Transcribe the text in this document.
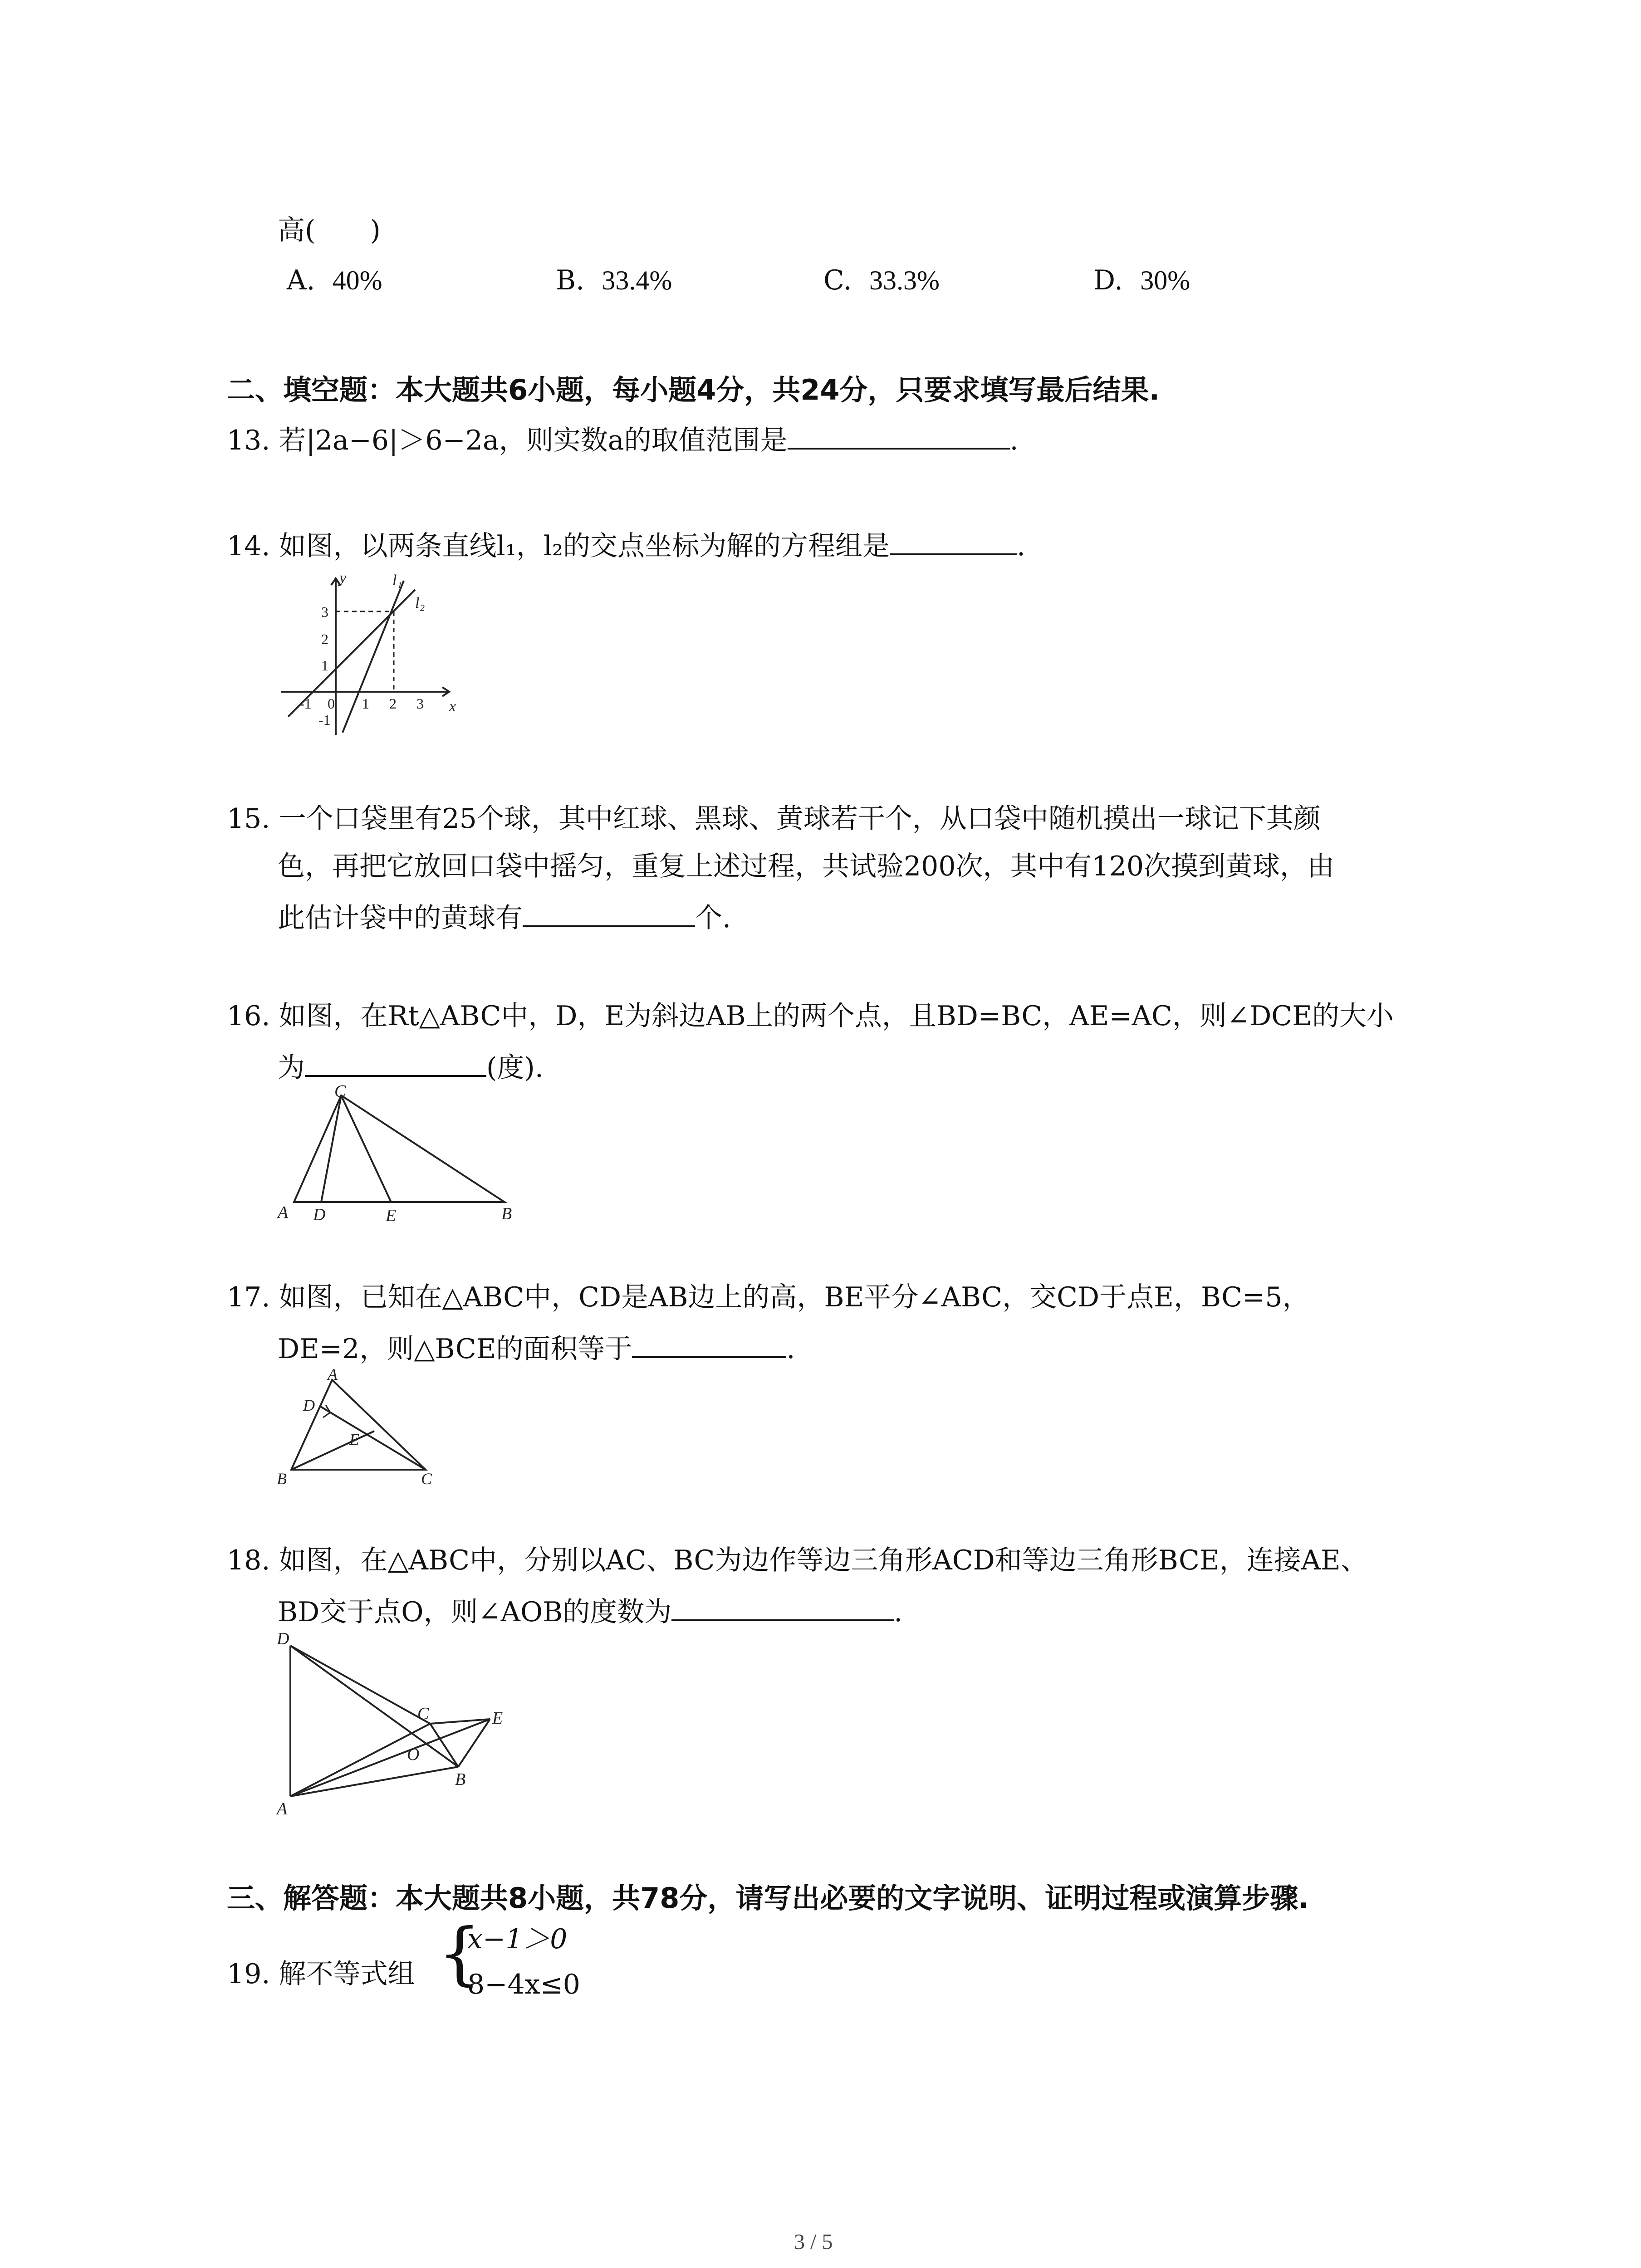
高(　　)
A. 40%	B. 33.4%	C. 33.3%	D. 30%
二、填空题：本大题共6小题，每小题4分，共24分，只要求填写最后结果.
13. 若|2a−6|＞6−2a，则实数a的取值范围是	.
14. 如图，以两条直线l₁，l₂的交点坐标为解的方程组是	.
y
x
l₁
l₂
3
2
1
-1
-1 0 1 2 3
15. 一个口袋里有25个球，其中红球、黑球、黄球若干个，从口袋中随机摸出一球记下其颜
色，再把它放回口袋中摇匀，重复上述过程，共试验200次，其中有120次摸到黄球，由
此估计袋中的黄球有	个.
16. 如图，在Rt△ABC中，D，E为斜边AB上的两个点，且BD=BC，AE=AC，则∠DCE的大小
为	(度).
A D	E	B
C
17. 如图，已知在△ABC中，CD是AB边上的高，BE平分∠ABC，交CD于点E，BC=5，
DE=2，则△BCE的面积等于	.
A
D
E
B	C
18. 如图，在△ABC中，分别以AC、BC为边作等边三角形ACD和等边三角形BCE，连接AE、
BD交于点O，则∠AOB的度数为	.
D
A
C	E
O
B
三、解答题：本大题共8小题，共78分，请写出必要的文字说明、证明过程或演算步骤.
19. 解不等式组 {
x−1＞0
8−4x≤0
3 / 5
